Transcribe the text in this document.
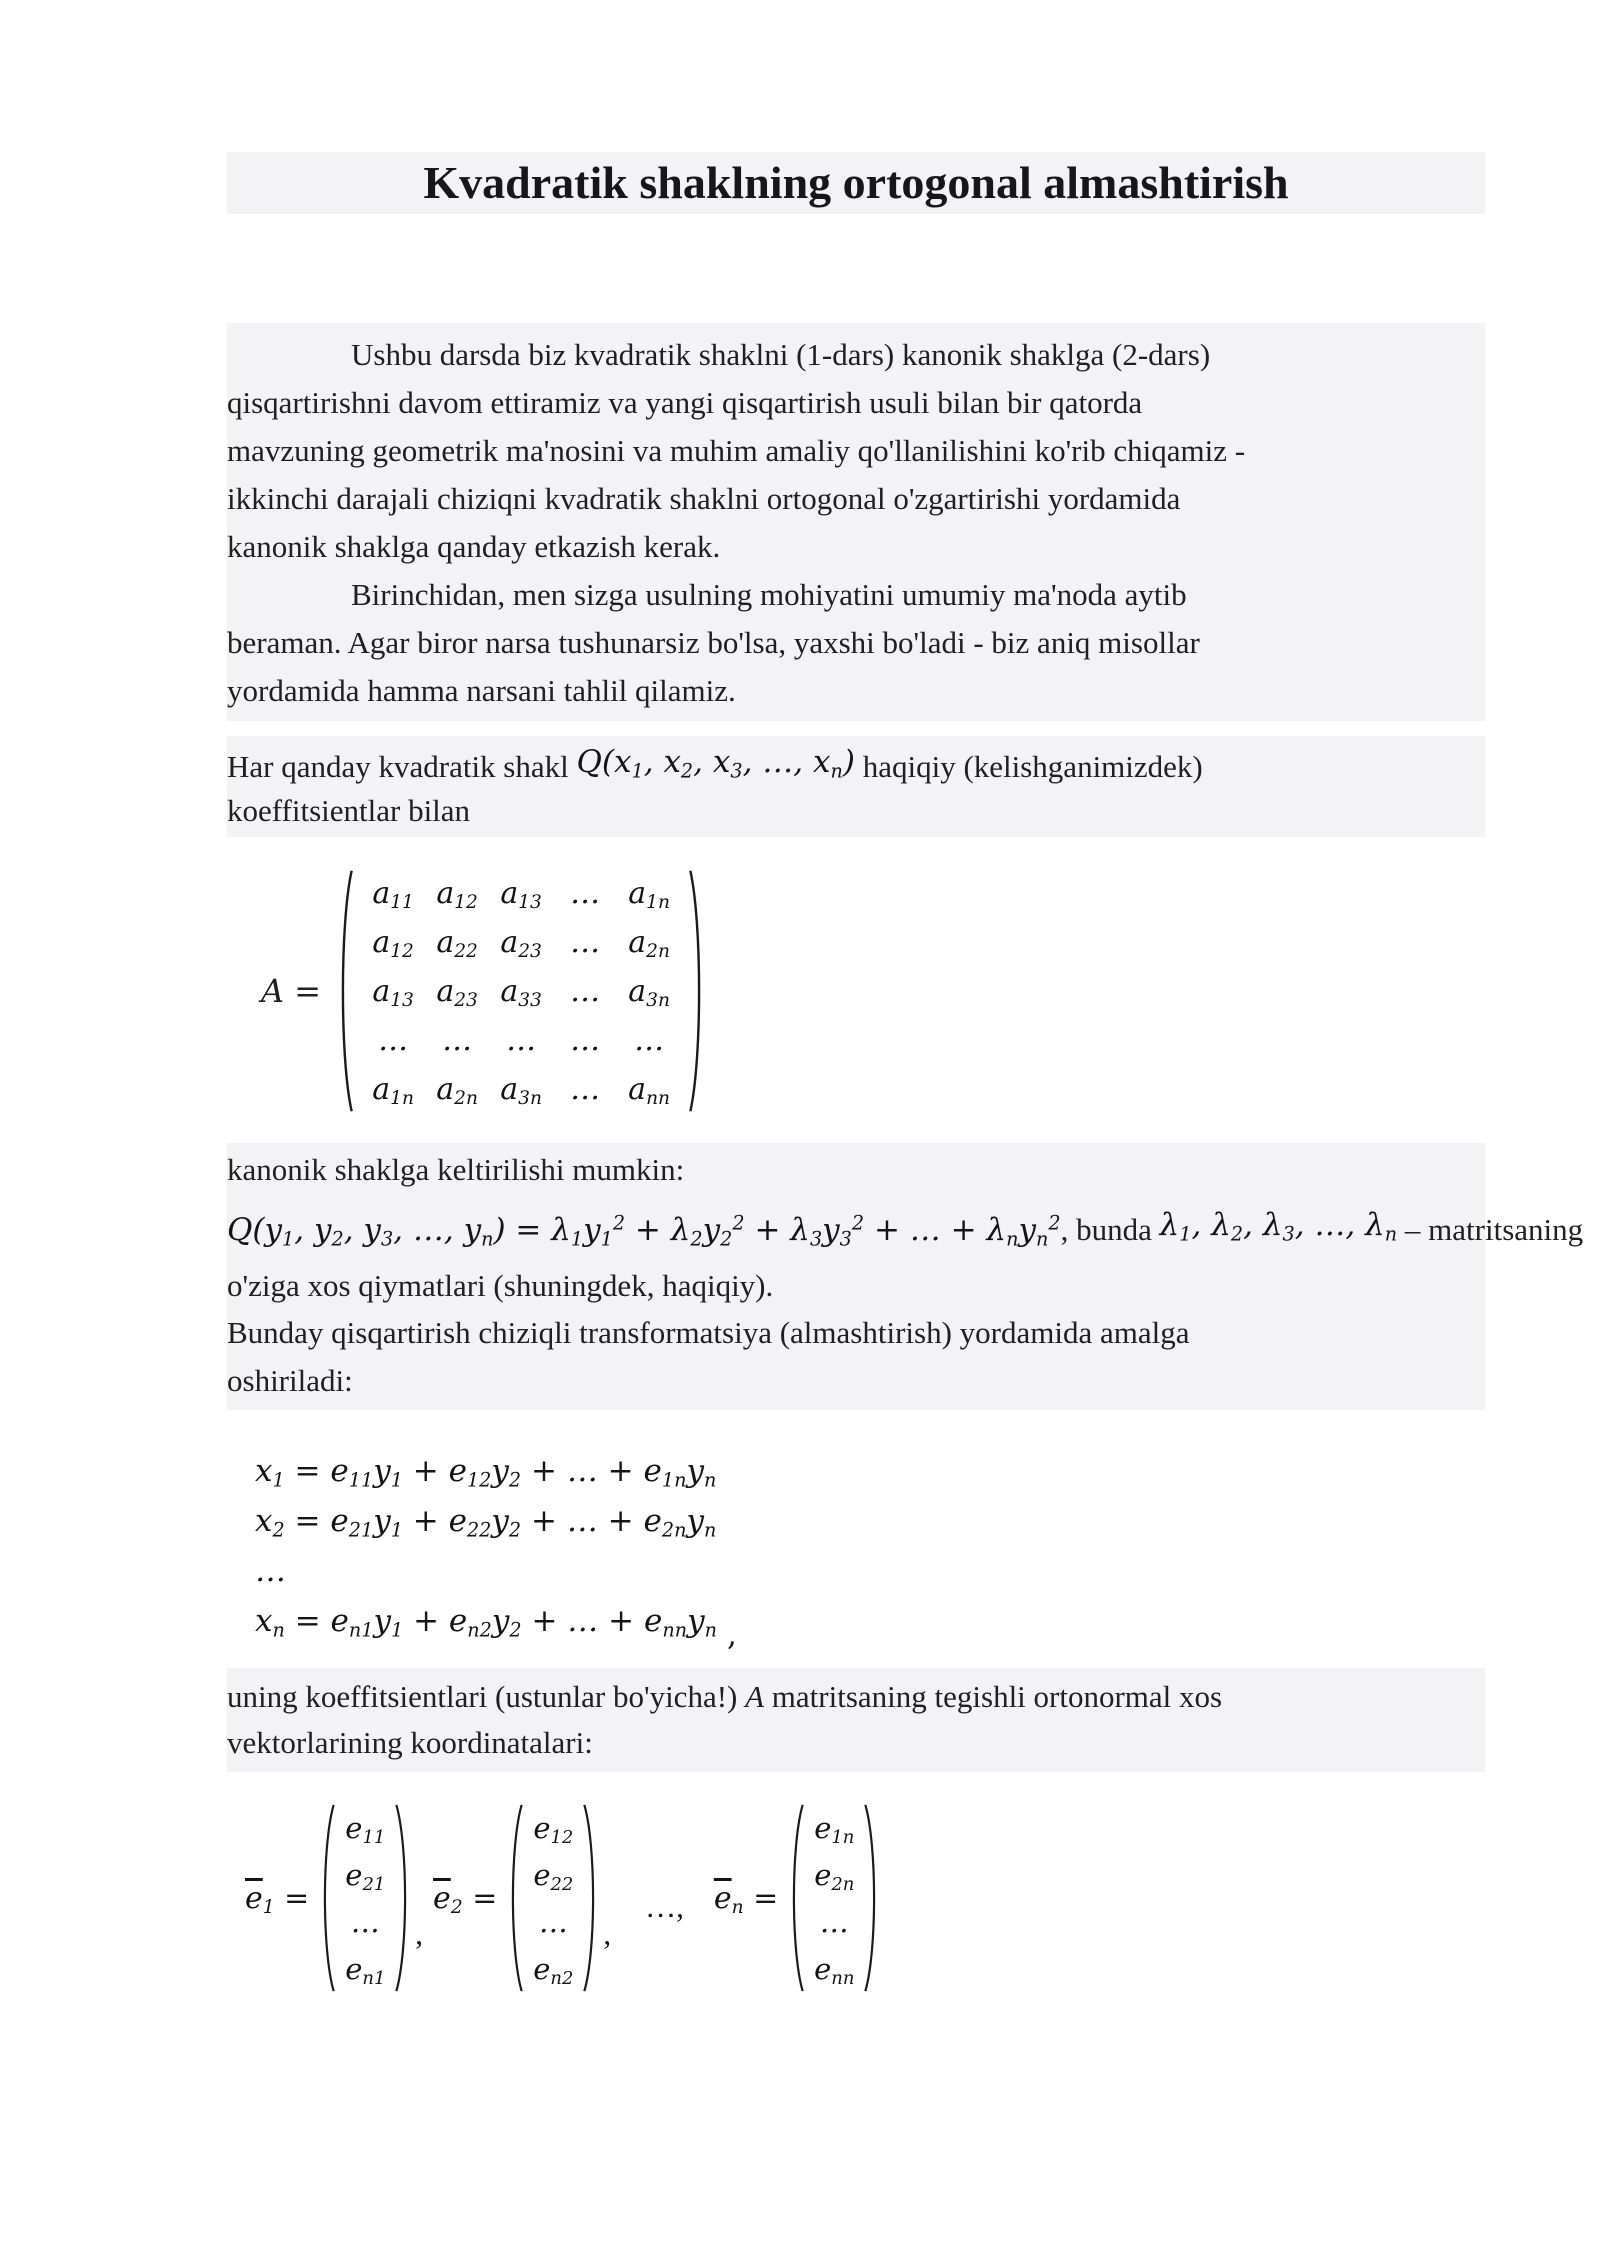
Kvadratik shaklning ortogonal almashtirish

Ushbu darsda biz kvadratik shaklni (1-dars) kanonik shaklga (2-dars)
qisqartirishni davom ettiramiz va yangi qisqartirish usuli bilan bir qatorda
mavzuning geometrik ma'nosini va muhim amaliy qo'llanilishini ko'rib chiqamiz -
ikkinchi darajali chiziqni kvadratik shaklni ortogonal o'zgartirishi yordamida
kanonik shaklga qanday etkazish kerak.

Birinchidan, men sizga usulning mohiyatini umumiy ma'noda aytib
beraman. Agar biror narsa tushunarsiz bo'lsa, yaxshi bo'ladi - biz aniq misollar
yordamida hamma narsani tahlil qilamiz.

Har qanday kvadratik shakl $Q(x_1$, $x_2$, $x_3$, …, $x_n$) haqiqiy (kelishganimizdek)

koeffitsientlar bilan

A =
$a_{11}$ $a_{12}$ $a_{13}$ … $a_{1n}$
$a_{12}$ $a_{22}$ $a_{23}$ … $a_{2n}$
$a_{13}$ $a_{23}$ $a_{33}$ … $a_{3n}$
… … … … …
$a_{1n}$ $a_{2n}$ $a_{3n}$ … $a_{nn}$

kanonik shaklga keltirilishi mumkin:

$Q(y_1$, $y_2$, $y_3$, …, $y_n) = \lambda_1y_1^2 + \lambda_2y_2^2 + \lambda_3y_3^2$ + … + $\lambda_ny_n^2$, bunda $\lambda_1$, $\lambda_2$, $\lambda_3$, …, $\lambda_n$ – matritsaning

o'ziga xos qiymatlari (shuningdek, haqiqiy).

Bunday qisqartirish chiziqli transformatsiya (almashtirish) yordamida amalga
oshiriladi:

$x_1 = e_{11}y_1 + e_{12}y_2$ + … + $e_{1n}y_n$
$x_2 = e_{21}y_1 + e_{22}y_2$ + … + $e_{2n}y_n$
…
$x_n = e_{n1}y_1 + e_{n2}y_2$ + … + $e_{nn}y_n$ ,

uning koeffitsientlari (ustunlar bo'yicha!) A matritsaning tegishli ortonormal xos

vektorlarining koordinatalari:

$\overline{e}_1$ =
$e_{11}$
$e_{21}$
…
$e_{n1}$
,
$\overline{e}_2$ =
$e_{12}$
$e_{22}$
…
$e_{n2}$
,
…, $\overline{e}_n$ =
$e_{1n}$
$e_{2n}$
…
$e_{nn}$
